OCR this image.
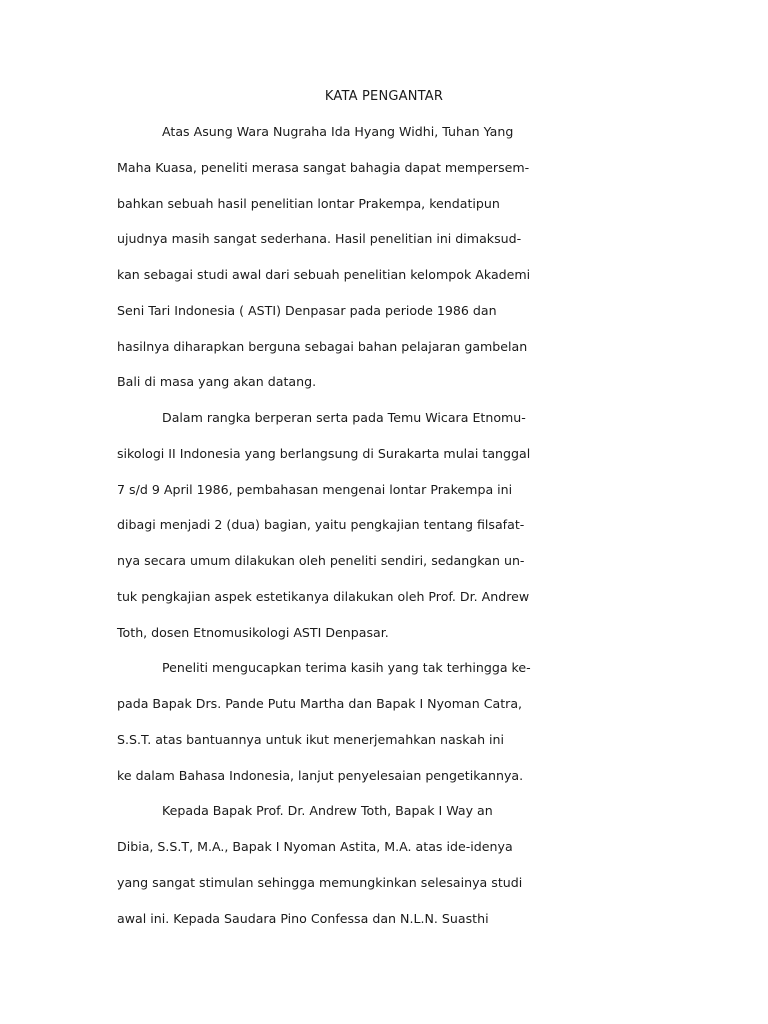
KATA PENGANTAR
Atas Asung Wara Nugraha Ida Hyang Widhi, Tuhan Yang
Maha Kuasa, peneliti merasa sangat bahagia dapat mempersem-
bahkan sebuah hasil penelitian lontar Prakempa, kendatipun
ujudnya masih sangat sederhana. Hasil penelitian ini dimaksud-
kan sebagai studi awal dari sebuah penelitian kelompok Akademi
Seni Tari Indonesia ( ASTI) Denpasar pada periode 1986 dan
hasilnya diharapkan berguna sebagai bahan pelajaran gambelan
Bali di masa yang akan datang.
Dalam rangka berperan serta pada Temu Wicara Etnomu-
sikologi II Indonesia yang berlangsung di Surakarta mulai tanggal
7 s/d 9 April 1986, pembahasan mengenai lontar Prakempa ini
dibagi menjadi 2 (dua) bagian, yaitu pengkajian tentang filsafat-
nya secara umum dilakukan oleh peneliti sendiri, sedangkan un-
tuk pengkajian aspek estetikanya dilakukan oleh Prof. Dr. Andrew
Toth, dosen Etnomusikologi ASTI Denpasar.
Peneliti mengucapkan terima kasih yang tak terhingga ke-
pada Bapak Drs. Pande Putu Martha dan Bapak I Nyoman Catra,
S.S.T. atas bantuannya untuk ikut menerjemahkan naskah ini
ke dalam Bahasa Indonesia, lanjut penyelesaian pengetikannya.
Kepada Bapak Prof. Dr. Andrew Toth, Bapak I Way an
Dibia, S.S.T, M.A., Bapak I Nyoman Astita, M.A. atas ide-idenya
yang sangat stimulan sehingga memungkinkan selesainya studi
awal ini. Kepada Saudara Pino Confessa dan N.L.N. Suasthi
